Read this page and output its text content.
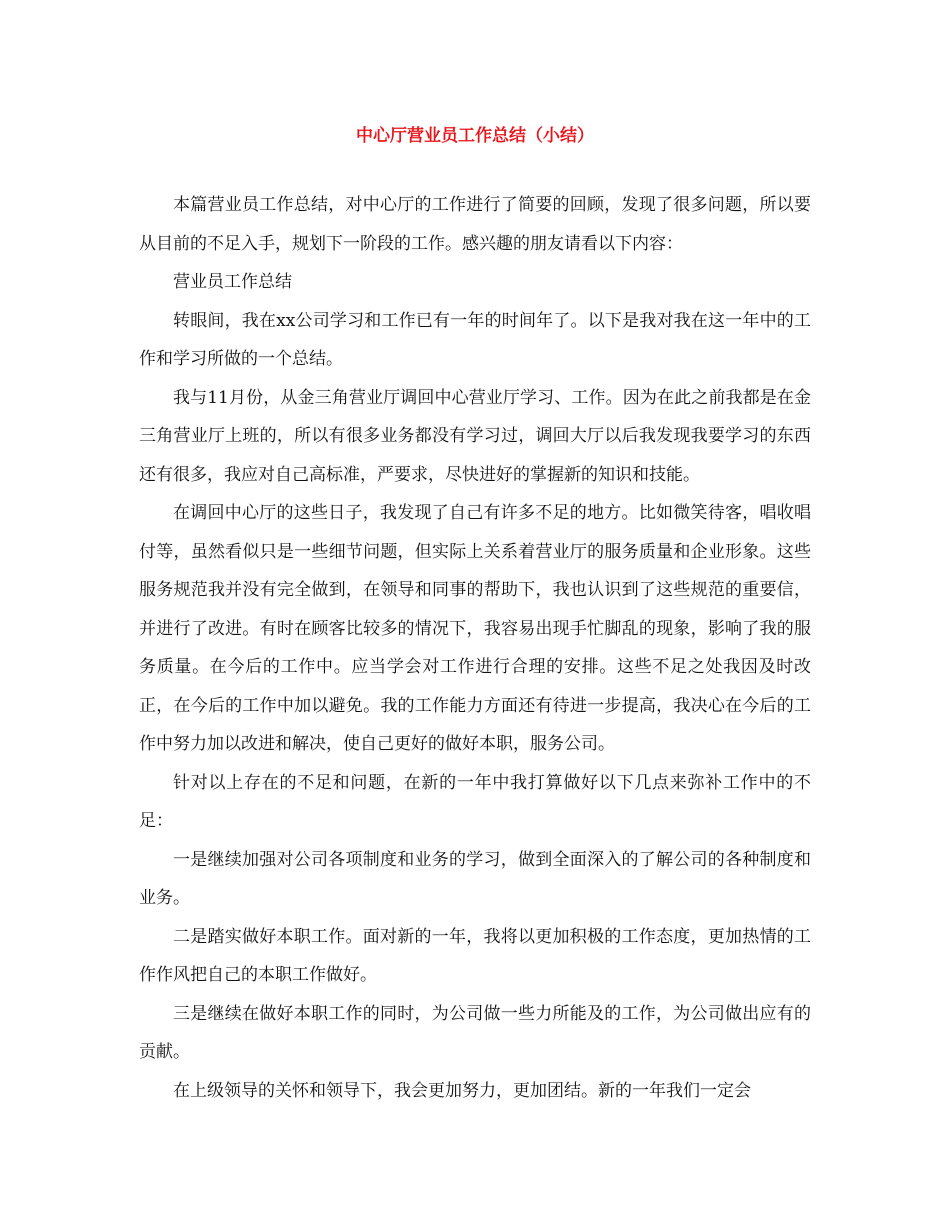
中心厅营业员工作总结（小结）

本篇营业员工作总结，对中心厅的工作进行了简要的回顾，发现了很多问题，所以要从目前的不足入手，规划下一阶段的工作。感兴趣的朋友请看以下内容：

营业员工作总结

转眼间，我在xx公司学习和工作已有一年的时间年了。以下是我对我在这一年中的工作和学习所做的一个总结。

我与11月份，从金三角营业厅调回中心营业厅学习、工作。因为在此之前我都是在金三角营业厅上班的，所以有很多业务都没有学习过，调回大厅以后我发现我要学习的东西还有很多，我应对自己高标准，严要求，尽快进好的掌握新的知识和技能。

在调回中心厅的这些日子，我发现了自己有许多不足的地方。比如微笑待客，唱收唱付等，虽然看似只是一些细节问题，但实际上关系着营业厅的服务质量和企业形象。这些服务规范我并没有完全做到，在领导和同事的帮助下，我也认识到了这些规范的重要信，并进行了改进。有时在顾客比较多的情况下，我容易出现手忙脚乱的现象，影响了我的服务质量。在今后的工作中。应当学会对工作进行合理的安排。这些不足之处我因及时改正，在今后的工作中加以避免。我的工作能力方面还有待进一步提高，我决心在今后的工作中努力加以改进和解决，使自己更好的做好本职，服务公司。

针对以上存在的不足和问题，在新的一年中我打算做好以下几点来弥补工作中的不足：

一是继续加强对公司各项制度和业务的学习，做到全面深入的了解公司的各种制度和业务。

二是踏实做好本职工作。面对新的一年，我将以更加积极的工作态度，更加热情的工作作风把自己的本职工作做好。

三是继续在做好本职工作的同时，为公司做一些力所能及的工作，为公司做出应有的贡献。

在上级领导的关怀和领导下，我会更加努力，更加团结。新的一年我们一定会
